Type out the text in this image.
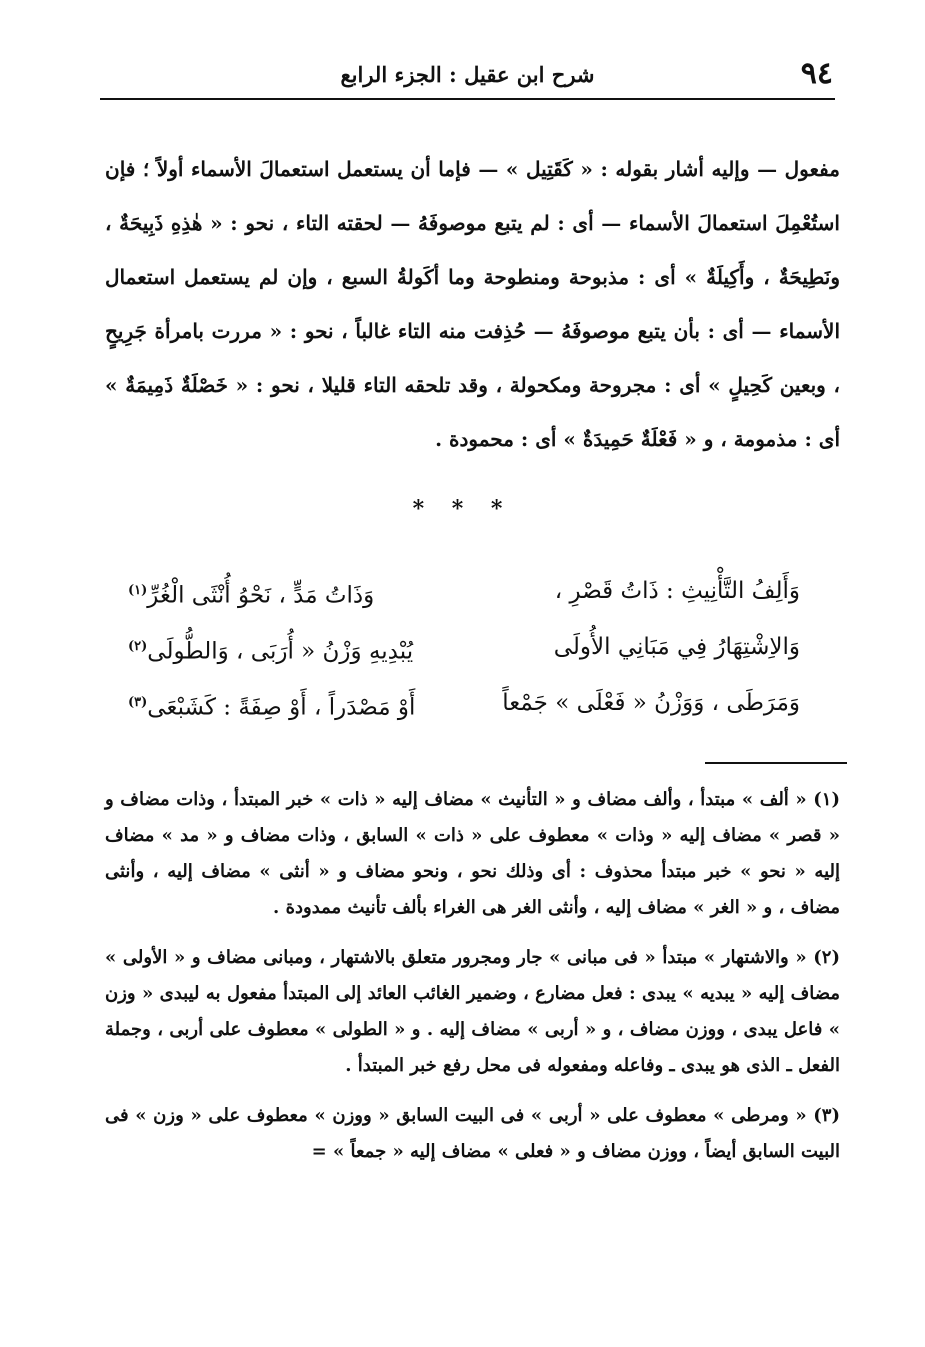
٩٤
شرح ابن عقيل : الجزء الرابع

مفعول — وإليه أشار بقوله : « كَقَتِيل » — فإما أن يستعمل استعمالَ الأسماء أولاً ؛ فإن استُعْمِلَ استعمالَ الأسماء — أى : لم يتبع موصوفَهُ — لحقته التاء ، نحو : « هٰذِهِ ذَبِيحَةٌ ، ونَطِيحَةٌ ، وأَكِيلَةٌ » أى : مذبوحة ومنطوحة وما أكَولةُ السبع ، وإن لم يستعمل استعمال الأسماء — أى : بأن يتبع موصوفَهُ — حُذِفت منه التاء غالباً ، نحو : « مررت بامرأة جَرِيحٍ ، وبعين كَحِيلٍ » أى : مجروحة ومكحولة ، وقد تلحقه التاء قليلا ، نحو : « خَصْلَةٌ ذَمِيمَةٌ » أى : مذمومة ، و « فَعْلَةٌ حَمِيدَةٌ » أى : محمودة .

* * *
وَأَلِفُ التَّأْنِيثِ : ذَاتُ قَصْرِ ،
وَذَاتُ مَدٍّ ، نَحْوُ أُنْثَى الْغُرِّ$^{(١)}$
وَالاِشْتِهَارُ فِي مَبَانِي الأُولَى
يُبْدِيهِ وَزْنُ « أُرَبَى ، وَالطُّولَى$^{(٢)}$
وَمَرَطَى ، وَوَزْنُ « فَعْلَى » جَمْعاً
أَوْ مَصْدَراً ، أَوْ صِفَةً : كَشَبْعَى$^{(٣)}$

(١) « ألف » مبتدأ ، وألف مضاف و « التأنيث » مضاف إليه « ذات » خبر المبتدأ ، وذات مضاف و « قصر » مضاف إليه « وذات » معطوف على « ذات » السابق ، وذات مضاف و « مد » مضاف إليه « نحو » خبر مبتدأ محذوف : أى وذلك نحو ، ونحو مضاف و « أنثى » مضاف إليه ، وأنثى مضاف ، و « الغر » مضاف إليه ، وأنثى الغر هى الغراء بألف تأنيث ممدودة .

(٢) « والاشتهار » مبتدأ « فى مبانى » جار ومجرور متعلق بالاشتهار ، ومبانى مضاف و « الأولى » مضاف إليه « يبديه » يبدى : فعل مضارع ، وضمير الغائب العائد إلى المبتدأ مفعول به ليبدى « وزن » فاعل يبدى ، ووزن مضاف ، و « أربى » مضاف إليه . و « الطولى » معطوف على أربى ، وجملة الفعل ـ الذى هو يبدى ـ وفاعله ومفعوله فى محل رفع خبر المبتدأ .

(٣) « ومرطى » معطوف على « أربى » فى البيت السابق « ووزن » معطوف على « وزن » فى البيت السابق أيضاً ، ووزن مضاف و « فعلى » مضاف إليه « جمعاً » =
